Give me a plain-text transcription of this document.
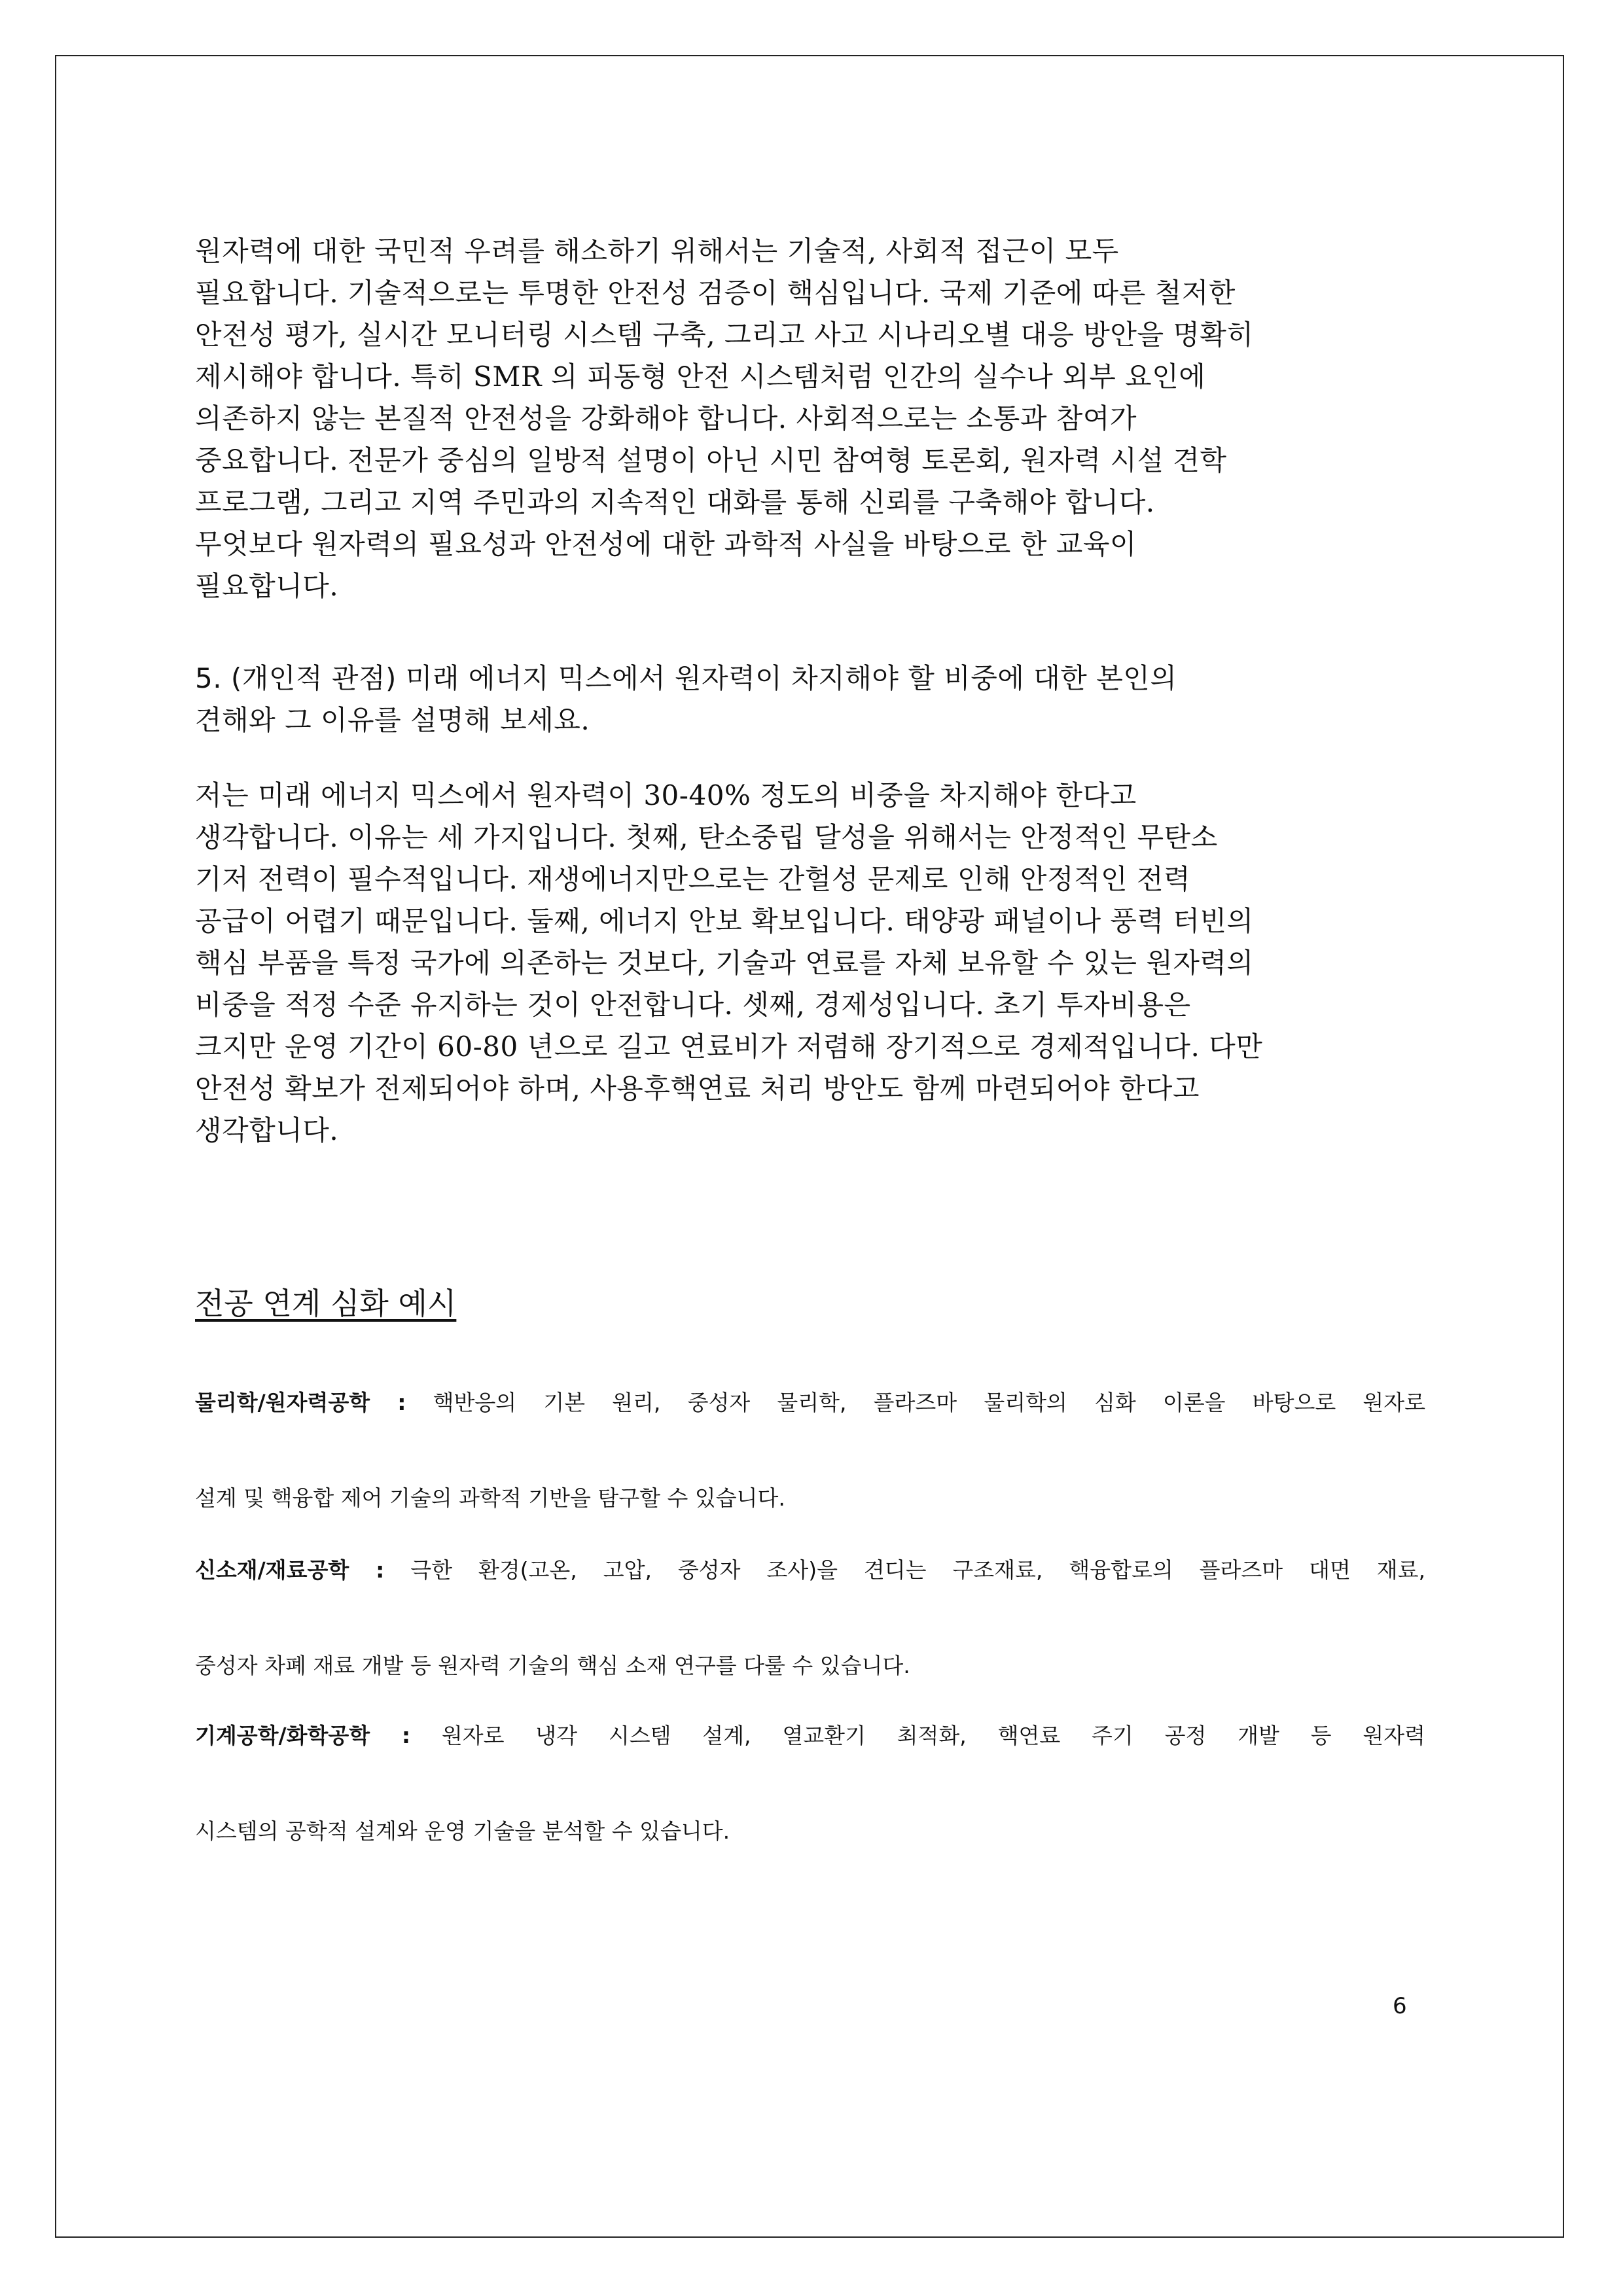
원자력에 대한 국민적 우려를 해소하기 위해서는 기술적, 사회적 접근이 모두
필요합니다. 기술적으로는 투명한 안전성 검증이 핵심입니다. 국제 기준에 따른 철저한
안전성 평가, 실시간 모니터링 시스템 구축, 그리고 사고 시나리오별 대응 방안을 명확히
제시해야 합니다. 특히 SMR 의 피동형 안전 시스템처럼 인간의 실수나 외부 요인에
의존하지 않는 본질적 안전성을 강화해야 합니다. 사회적으로는 소통과 참여가
중요합니다. 전문가 중심의 일방적 설명이 아닌 시민 참여형 토론회, 원자력 시설 견학
프로그램, 그리고 지역 주민과의 지속적인 대화를 통해 신뢰를 구축해야 합니다.
무엇보다 원자력의 필요성과 안전성에 대한 과학적 사실을 바탕으로 한 교육이
필요합니다.

5. (개인적 관점) 미래 에너지 믹스에서 원자력이 차지해야 할 비중에 대한 본인의
견해와 그 이유를 설명해 보세요.

저는 미래 에너지 믹스에서 원자력이 30-40% 정도의 비중을 차지해야 한다고
생각합니다. 이유는 세 가지입니다. 첫째, 탄소중립 달성을 위해서는 안정적인 무탄소
기저 전력이 필수적입니다. 재생에너지만으로는 간헐성 문제로 인해 안정적인 전력
공급이 어렵기 때문입니다. 둘째, 에너지 안보 확보입니다. 태양광 패널이나 풍력 터빈의
핵심 부품을 특정 국가에 의존하는 것보다, 기술과 연료를 자체 보유할 수 있는 원자력의
비중을 적정 수준 유지하는 것이 안전합니다. 셋째, 경제성입니다. 초기 투자비용은
크지만 운영 기간이 60-80 년으로 길고 연료비가 저렴해 장기적으로 경제적입니다. 다만
안전성 확보가 전제되어야 하며, 사용후핵연료 처리 방안도 함께 마련되어야 한다고
생각합니다.

전공 연계 심화 예시
물리학/원자력공학 : 핵반응의 기본 원리, 중성자 물리학, 플라즈마 물리학의 심화 이론을 바탕으로 원자로
설계 및 핵융합 제어 기술의 과학적 기반을 탐구할 수 있습니다.
신소재/재료공학 : 극한 환경(고온, 고압, 중성자 조사)을 견디는 구조재료, 핵융합로의 플라즈마 대면 재료,
중성자 차폐 재료 개발 등 원자력 기술의 핵심 소재 연구를 다룰 수 있습니다.
기계공학/화학공학 : 원자로 냉각 시스템 설계, 열교환기 최적화, 핵연료 주기 공정 개발 등 원자력
시스템의 공학적 설계와 운영 기술을 분석할 수 있습니다.
6
